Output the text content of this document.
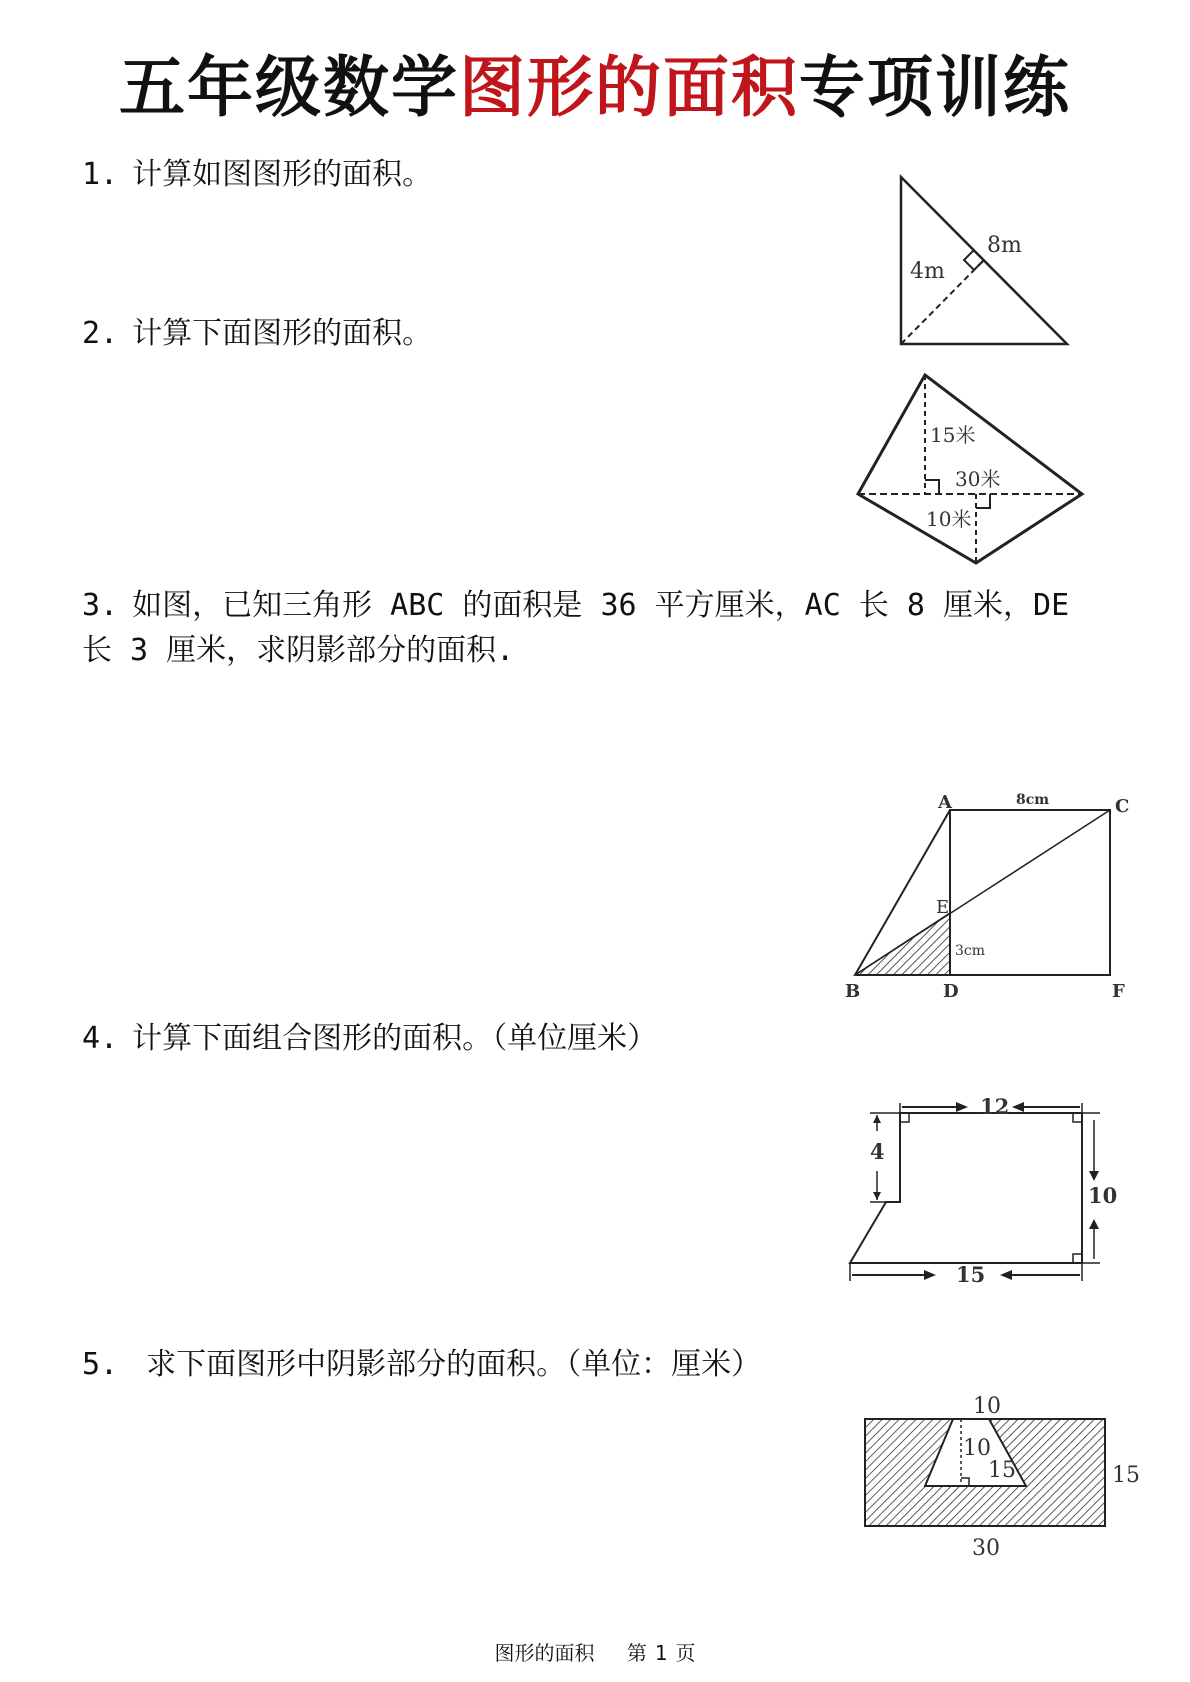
五年级数学图形的面积专项训练
1. 计算如图图形的面积。
8m
4m
2. 计算下面图形的面积。
15米
30米
10米
3. 如图，已知三角形 ABC 的面积是 36 平方厘米，AC 长 8 厘米，DE
长 3 厘米，求阴影部分的面积.
A	C
E
B	D	F
8cm
3cm
4. 计算下面组合图形的面积。（单位厘米）
12
4
10
15
5. 求下面图形中阴影部分的面积。（单位：厘米）
10
10
15	15
30
图形的面积 第 1 页
